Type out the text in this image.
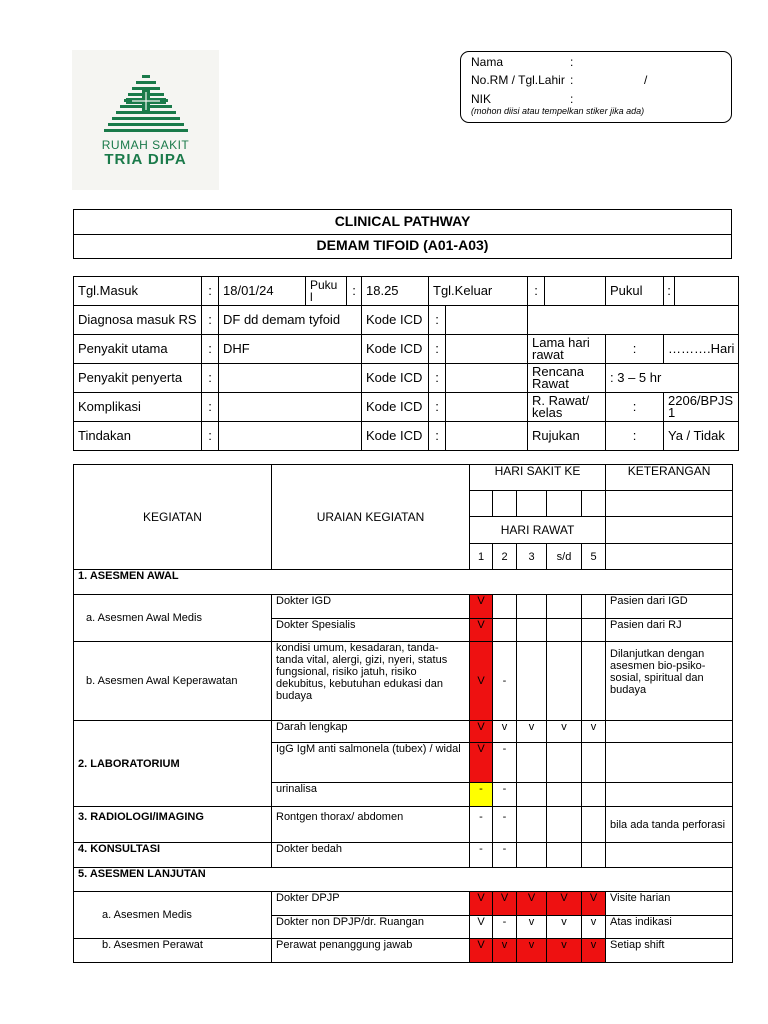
RUMAH SAKIT
TRIA DIPA
Nama	:
No.RM / Tgl.Lahir :	/
NIK	:
(mohon diisi atau tempelkan stiker jika ada)
CLINICAL PATHWAY
DEMAM TIFOID (A01-A03)
Tgl.Masuk	:	18/01/24	Puku l	:	18.25	Tgl.Keluar		:		Pukul	:	
Diagnosa masuk RS	:	DF dd demam tyfoid			Kode ICD	:						
Penyakit utama	:	DHF			Kode ICD	:		Lama hari rawat		:	……….Hari	
Penyakit penyerta	:				Kode ICD	:		Rencana Rawat		: 3 – 5 hr		
Komplikasi	:				Kode ICD	:		R. Rawat/ kelas		:	2206/BPJS 1	
Tindakan	:				Kode ICD	:		Rujukan		:	Ya / Tidak	
KEGIATAN	URAIAN KEGIATAN	HARI SAKIT KE					KETERANGAN

		HARI RAWAT					
		1	2	3	s/d	5	
1. ASESMEN AWAL							
a. Asesmen Awal Medis	Dokter IGD	V					Pasien dari IGD
	Dokter Spesialis	V					Pasien dari RJ
b. Asesmen Awal Keperawatan	kondisi umum, kesadaran, tanda-tanda vital, alergi, gizi, nyeri, status fungsional, risiko jatuh, risiko dekubitus, kebutuhan edukasi dan budaya	V	-				Dilanjutkan dengan asesmen bio-psiko-sosial, spiritual dan budaya
2. LABORATORIUM	Darah lengkap	V	v	v	v	v	
	IgG IgM anti salmonela (tubex) / widal	V	-				
	urinalisa	-	-				
3. RADIOLOGI/IMAGING	Rontgen thorax/ abdomen	-	-				bila ada tanda perforasi
4. KONSULTASI	Dokter bedah	-	-				
5. ASESMEN LANJUTAN							
a. Asesmen Medis	Dokter DPJP	V	V	V	V	V	Visite harian
	Dokter non DPJP/dr. Ruangan	V	-	v	v	v	Atas indikasi
b. Asesmen Perawat	Perawat penanggung jawab	V	v	v	v	v	Setiap shift
